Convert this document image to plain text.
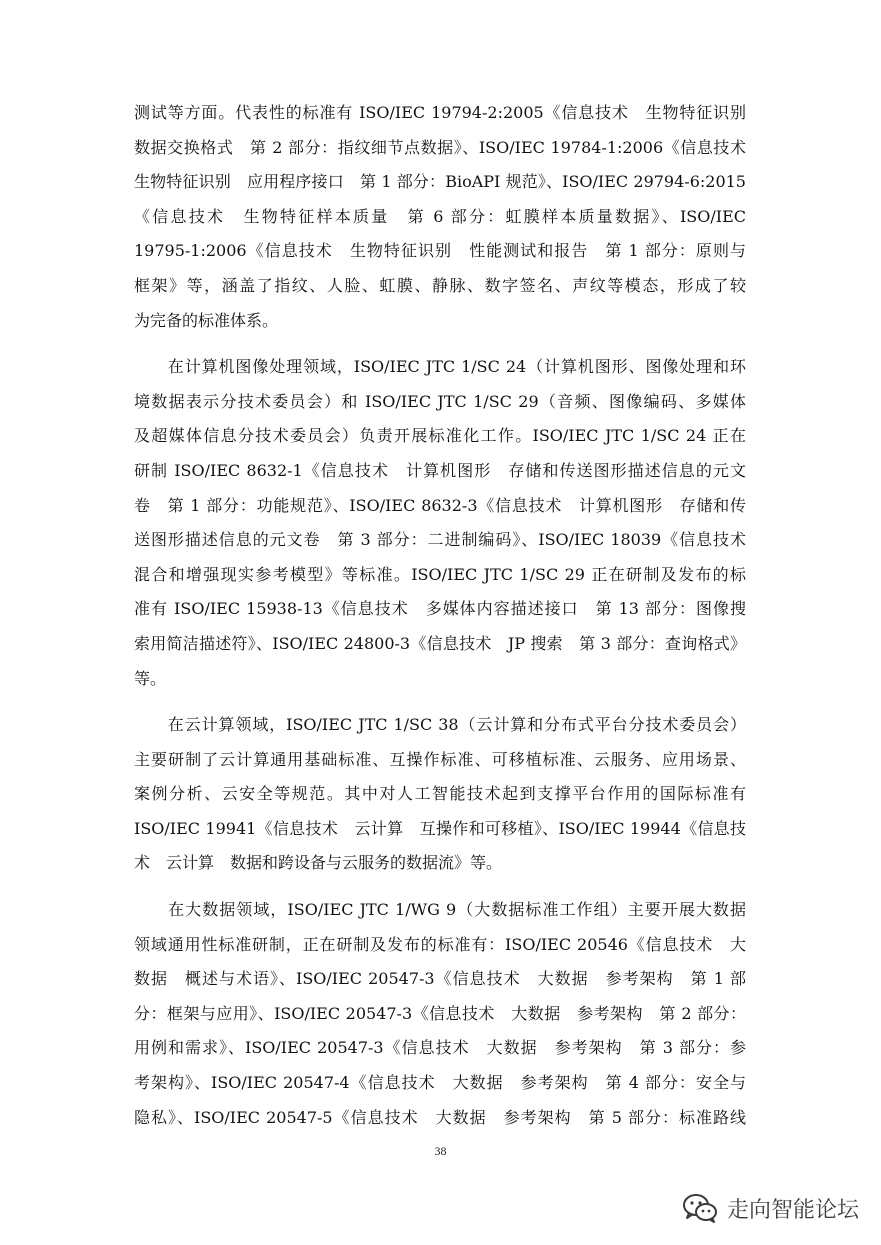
测试等方面。代表性的标准有 ISO/IEC 19794-2:2005《信息技术　生物特征识别
数据交换格式　第 2 部分：指纹细节点数据》、ISO/IEC 19784-1:2006《信息技术
生物特征识别　应用程序接口　第 1 部分：BioAPI 规范》、ISO/IEC 29794-6:2015
《信息技术　生物特征样本质量　第 6 部分：虹膜样本质量数据》、ISO/IEC
19795-1:2006《信息技术　生物特征识别　性能测试和报告　第 1 部分：原则与
框架》等，涵盖了指纹、人脸、虹膜、静脉、数字签名、声纹等模态，形成了较
为完备的标准体系。
　　在计算机图像处理领域，ISO/IEC JTC 1/SC 24（计算机图形、图像处理和环
境数据表示分技术委员会）和 ISO/IEC JTC 1/SC 29（音频、图像编码、多媒体
及超媒体信息分技术委员会）负责开展标准化工作。ISO/IEC JTC 1/SC 24 正在
研制 ISO/IEC 8632-1《信息技术　计算机图形　存储和传送图形描述信息的元文
卷　第 1 部分：功能规范》、ISO/IEC 8632-3《信息技术　计算机图形　存储和传
送图形描述信息的元文卷　第 3 部分：二进制编码》、ISO/IEC 18039《信息技术
混合和增强现实参考模型》等标准。ISO/IEC JTC 1/SC 29 正在研制及发布的标
准有 ISO/IEC 15938-13《信息技术　多媒体内容描述接口　第 13 部分：图像搜
索用简洁描述符》、ISO/IEC 24800-3《信息技术　JP 搜索　第 3 部分：查询格式》
等。
　　在云计算领域，ISO/IEC JTC 1/SC 38（云计算和分布式平台分技术委员会）
主要研制了云计算通用基础标准、互操作标准、可移植标准、云服务、应用场景、
案例分析、云安全等规范。其中对人工智能技术起到支撑平台作用的国际标准有
ISO/IEC 19941《信息技术　云计算　互操作和可移植》、ISO/IEC 19944《信息技
术　云计算　数据和跨设备与云服务的数据流》等。
　　在大数据领域，ISO/IEC JTC 1/WG 9（大数据标准工作组）主要开展大数据
领域通用性标准研制，正在研制及发布的标准有：ISO/IEC 20546《信息技术　大
数据　概述与术语》、ISO/IEC 20547-3《信息技术　大数据　参考架构　第 1 部
分：框架与应用》、ISO/IEC 20547-3《信息技术　大数据　参考架构　第 2 部分：
用例和需求》、ISO/IEC 20547-3《信息技术　大数据　参考架构　第 3 部分：参
考架构》、ISO/IEC 20547-4《信息技术　大数据　参考架构　第 4 部分：安全与
隐私》、ISO/IEC 20547-5《信息技术　大数据　参考架构　第 5 部分：标准路线
38
走向智能论坛
